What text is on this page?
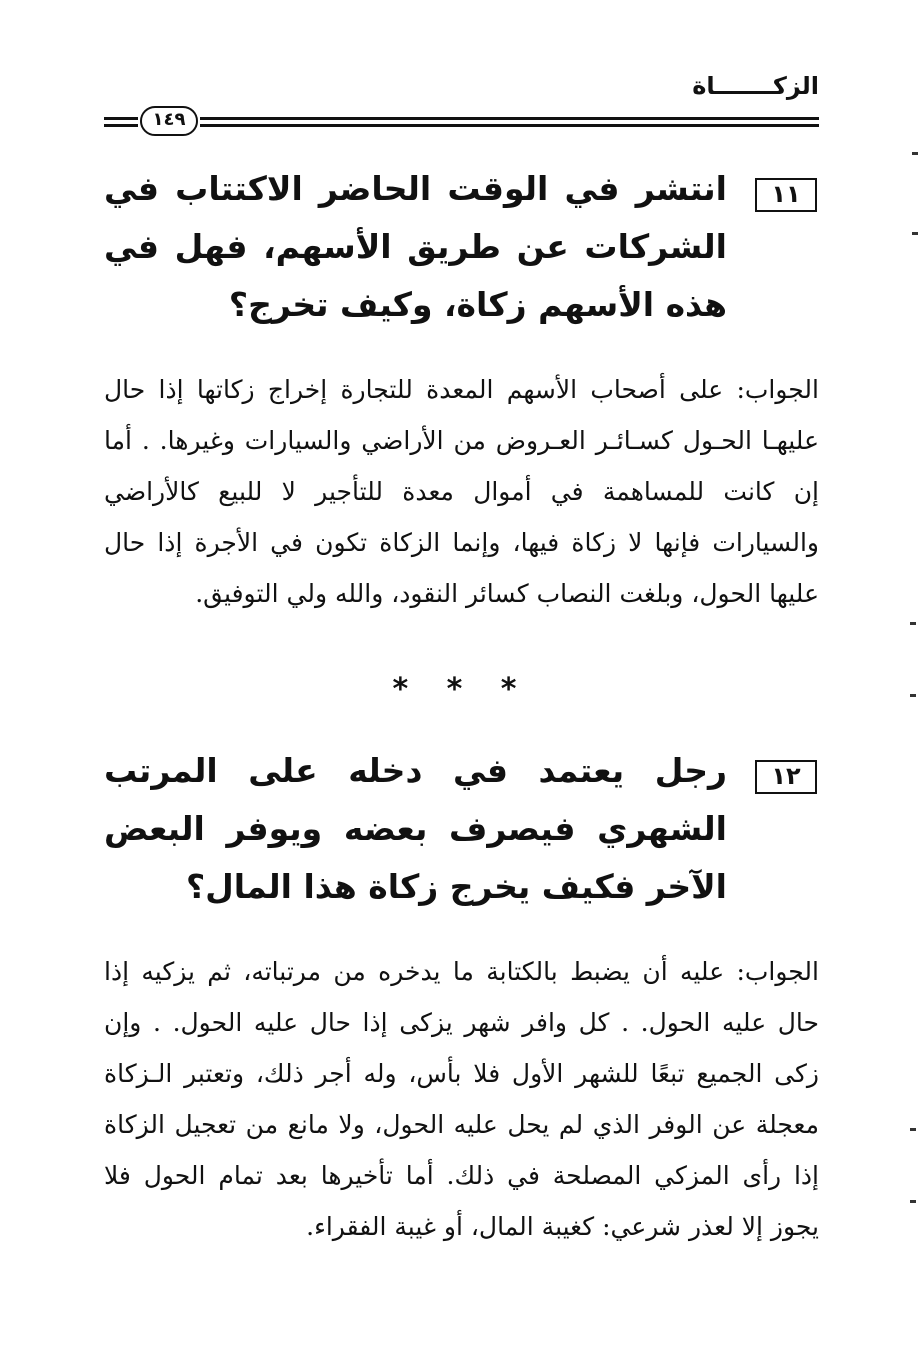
الزكـــــــاة
١٤٩
١١
انتشر في الوقت الحاضر الاكتتاب في الشركات عن طريق الأسهم، فهل في هذه الأسهم زكاة، وكيف تخرج؟
الجواب: على أصحاب الأسهم المعدة للتجارة إخراج زكاتها إذا حال عليهـا الحـول كسـائـر العـروض من الأراضي والسيارات وغيرها. . أما إن كانت للمساهمة في أموال معدة للتأجير لا للبيع كالأراضي والسيارات فإنها لا زكاة فيها، وإنما الزكاة تكون في الأجرة إذا حال عليها الحول، وبلغت النصاب كسائر النقود، والله ولي التوفيق.
* * *
١٢
رجل يعتمد في دخله على المرتب الشهري فيصرف بعضه ويوفر البعض الآخر فكيف يخرج زكاة هذا المال؟
الجواب: عليه أن يضبط بالكتابة ما يدخره من مرتباته، ثم يزكيه إذا حال عليه الحول. . كل وافر شهر يزكى إذا حال عليه الحول. . وإن زكى الجميع تبعًا للشهر الأول فلا بأس، وله أجر ذلك، وتعتبر الـزكاة معجلة عن الوفر الذي لم يحل عليه الحول، ولا مانع من تعجيل الزكاة إذا رأى المزكي المصلحة في ذلك. أما تأخيرها بعد تمام الحول فلا يجوز إلا لعذر شرعي: كغيبة المال، أو غيبة الفقراء.
